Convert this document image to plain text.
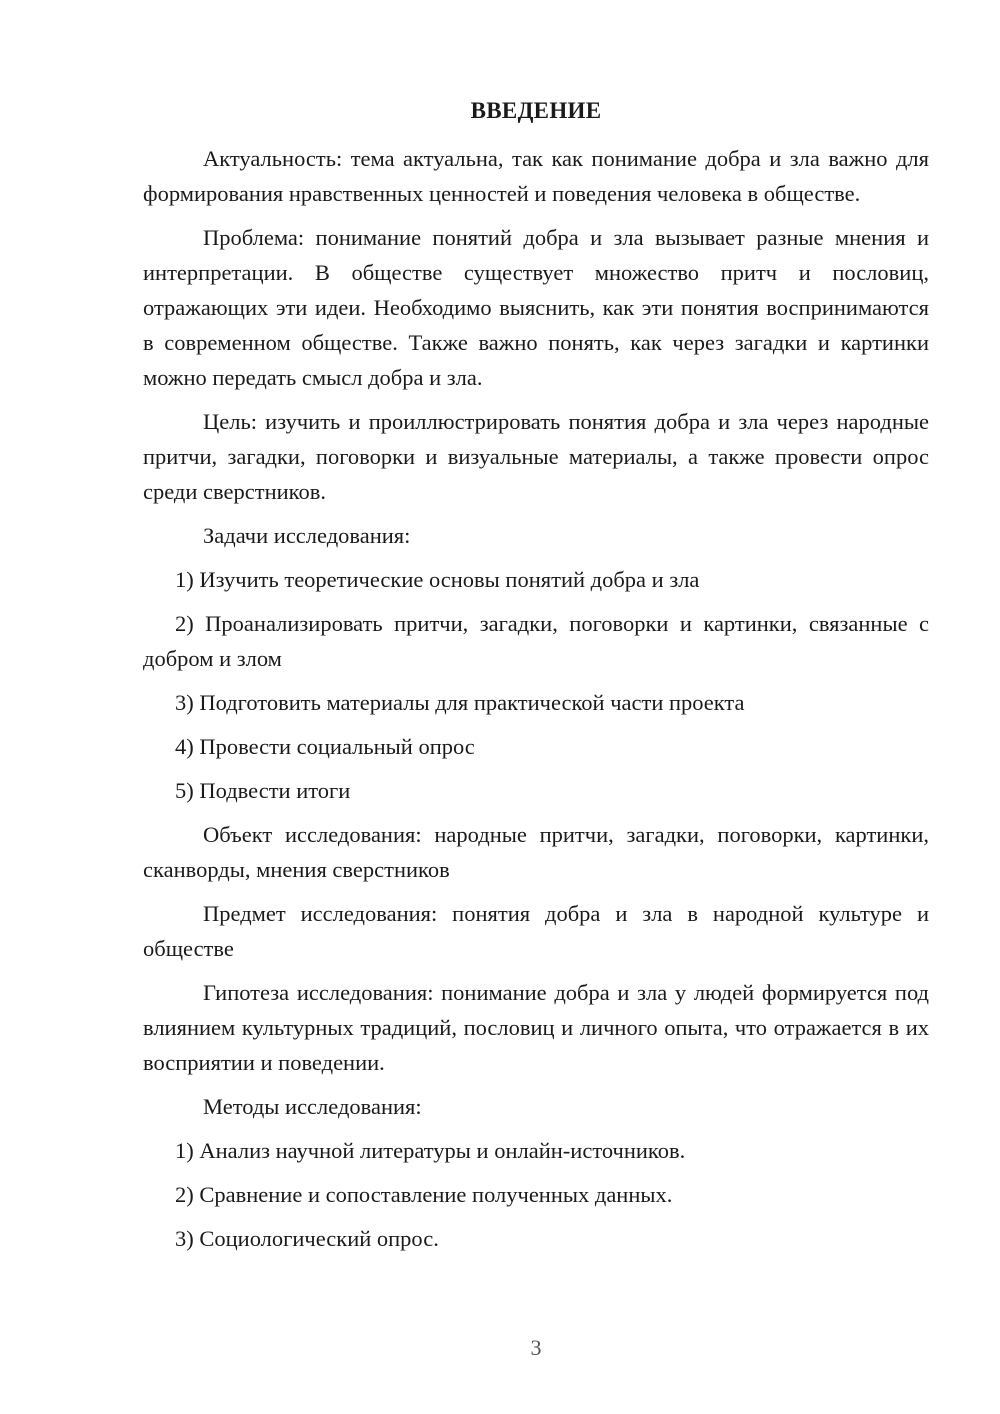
ВВЕДЕНИЕ

Актуальность: тема актуальна, так как понимание добра и зла важно для формирования нравственных ценностей и поведения человека в обществе.

Проблема: понимание понятий добра и зла вызывает разные мнения и интерпретации. В обществе существует множество притч и пословиц, отражающих эти идеи. Необходимо выяснить, как эти понятия воспринимаются в современном обществе. Также важно понять, как через загадки и картинки можно передать смысл добра и зла.

Цель: изучить и проиллюстрировать понятия добра и зла через народные притчи, загадки, поговорки и визуальные материалы, а также провести опрос среди сверстников.

Задачи исследования:

1) Изучить теоретические основы понятий добра и зла

2) Проанализировать притчи, загадки, поговорки и картинки, связанные с добром и злом

3) Подготовить материалы для практической части проекта

4) Провести социальный опрос

5) Подвести итоги

Объект исследования: народные притчи, загадки, поговорки, картинки, сканворды, мнения сверстников

Предмет исследования: понятия добра и зла в народной культуре и обществе

Гипотеза исследования: понимание добра и зла у людей формируется под влиянием культурных традиций, пословиц и личного опыта, что отражается в их восприятии и поведении.

Методы исследования:

1) Анализ научной литературы и онлайн-источников.

2) Сравнение и сопоставление полученных данных.

3) Социологический опрос.

3
